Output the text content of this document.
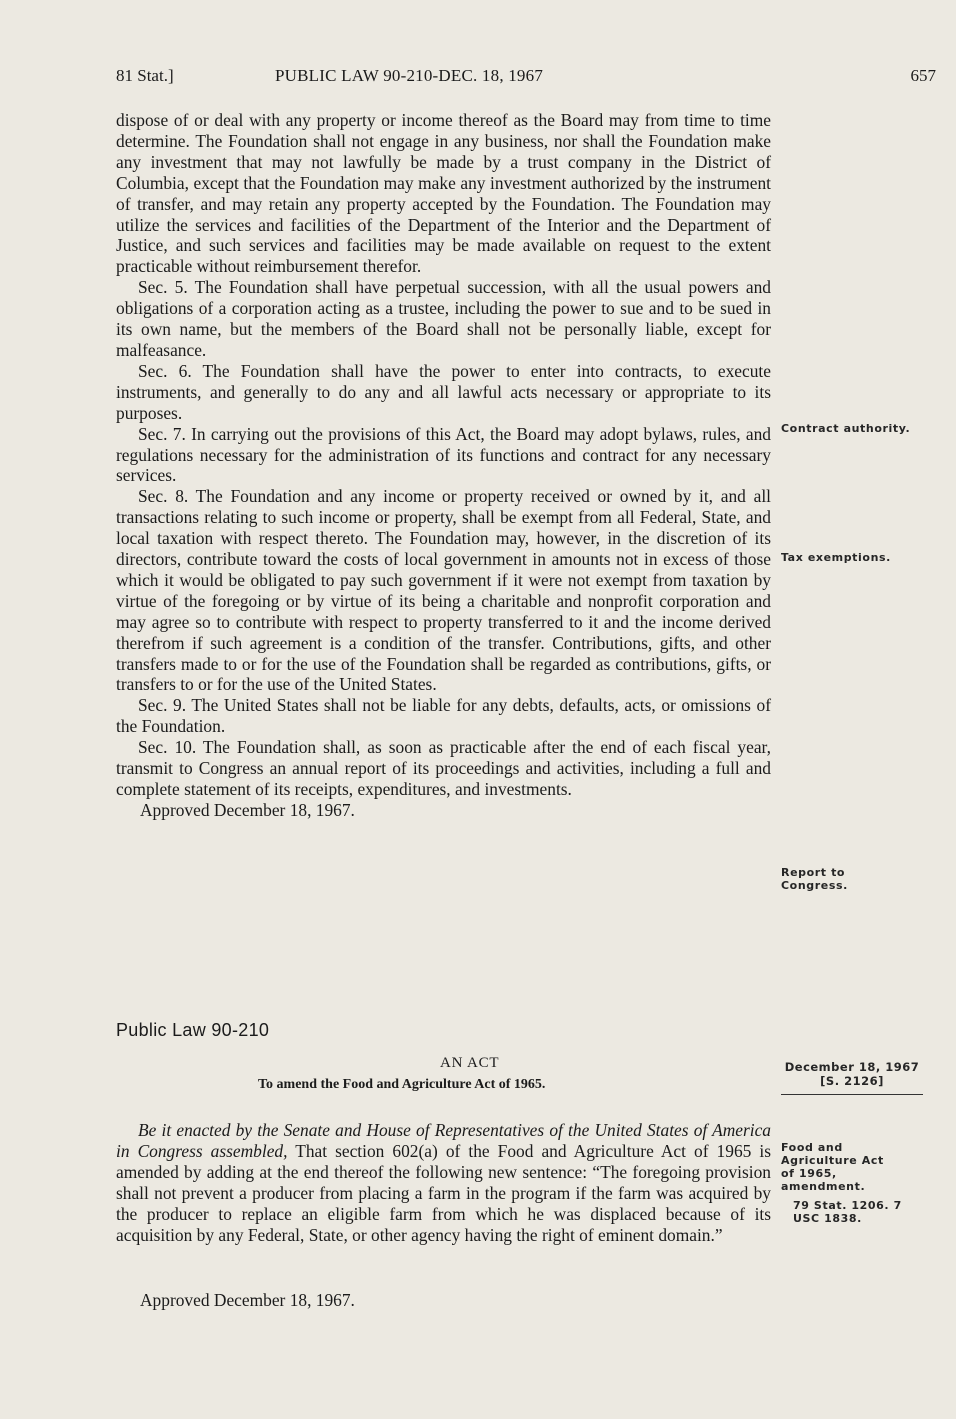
81 Stat.]	PUBLIC LAW 90-210-DEC. 18, 1967	657

dispose of or deal with any property or income thereof as the Board may from time to time determine. The Foundation shall not engage in any business, nor shall the Foundation make any investment that may not lawfully be made by a trust company in the District of Columbia, except that the Foundation may make any investment authorized by the instrument of transfer, and may retain any property accepted by the Foundation. The Foundation may utilize the services and facilities of the Department of the Interior and the Department of Justice, and such services and facilities may be made available on request to the extent practicable without reimbursement therefor.

Sec. 5. The Foundation shall have perpetual succession, with all the usual powers and obligations of a corporation acting as a trustee, including the power to sue and to be sued in its own name, but the members of the Board shall not be personally liable, except for malfeasance.

Sec. 6. The Foundation shall have the power to enter into contracts, to execute instruments, and generally to do any and all lawful acts necessary or appropriate to its purposes.

Sec. 7. In carrying out the provisions of this Act, the Board may adopt bylaws, rules, and regulations necessary for the administration of its functions and contract for any necessary services.

Sec. 8. The Foundation and any income or property received or owned by it, and all transactions relating to such income or property, shall be exempt from all Federal, State, and local taxation with respect thereto. The Foundation may, however, in the discretion of its directors, contribute toward the costs of local government in amounts not in excess of those which it would be obligated to pay such government if it were not exempt from taxation by virtue of the foregoing or by virtue of its being a charitable and nonprofit corporation and may agree so to contribute with respect to property transferred to it and the income derived therefrom if such agreement is a condition of the transfer. Contributions, gifts, and other transfers made to or for the use of the Foundation shall be regarded as contributions, gifts, or transfers to or for the use of the United States.

Sec. 9. The United States shall not be liable for any debts, defaults, acts, or omissions of the Foundation.

Sec. 10. The Foundation shall, as soon as practicable after the end of each fiscal year, transmit to Congress an annual report of its proceedings and activities, including a full and complete statement of its receipts, expenditures, and investments.

Approved December 18, 1967.

Contract authority.
Tax exemptions.
Report to Congress.
Public Law 90-210
AN ACT
To amend the Food and Agriculture Act of 1965.
December 18, 1967
[S. 2126]

Be it enacted by the Senate and House of Representatives of the United States of America in Congress assembled, That section 602(a) of the Food and Agriculture Act of 1965 is amended by adding at the end thereof the following new sentence: “The foregoing provision shall not prevent a producer from placing a farm in the program if the farm was acquired by the producer to replace an eligible farm from which he was displaced because of its acquisition by any Federal, State, or other agency having the right of eminent domain.”

Food and Agriculture Act of 1965, amendment.
79 Stat. 1206. 7 USC 1838.
Approved December 18, 1967.
